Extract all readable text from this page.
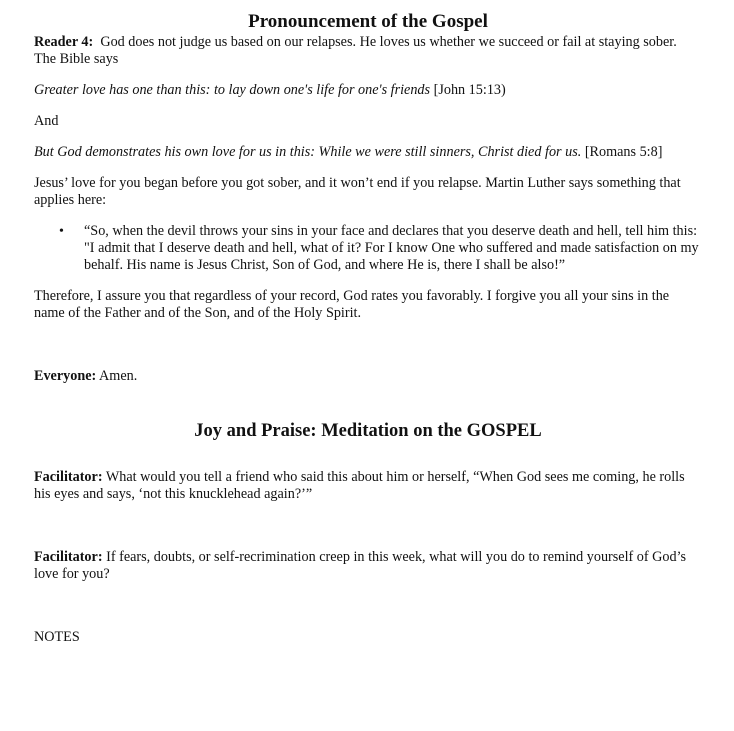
Pronouncement of the Gospel

Reader 4: God does not judge us based on our relapses. He loves us whether we succeed or fail at staying sober. The Bible says

Greater love has one than this: to lay down one's life for one's friends [John 15:13)

And

But God demonstrates his own love for us in this: While we were still sinners, Christ died for us. [Romans 5:8]

Jesus’ love for you began before you got sober, and it won’t end if you relapse. Martin Luther says something that applies here:

• “So, when the devil throws your sins in your face and declares that you deserve death and hell, tell him this: "I admit that I deserve death and hell, what of it? For I know One who suffered and made satisfaction on my behalf. His name is Jesus Christ, Son of God, and where He is, there I shall be also!”

Therefore, I assure you that regardless of your record, God rates you favorably. I forgive you all your sins in the name of the Father and of the Son, and of the Holy Spirit.

Everyone: Amen.

Joy and Praise: Meditation on the GOSPEL

Facilitator: What would you tell a friend who said this about him or herself, “When God sees me coming, he rolls his eyes and says, ‘not this knucklehead again?’”

Facilitator: If fears, doubts, or self-recrimination creep in this week, what will you do to remind yourself of God’s love for you?

NOTES
